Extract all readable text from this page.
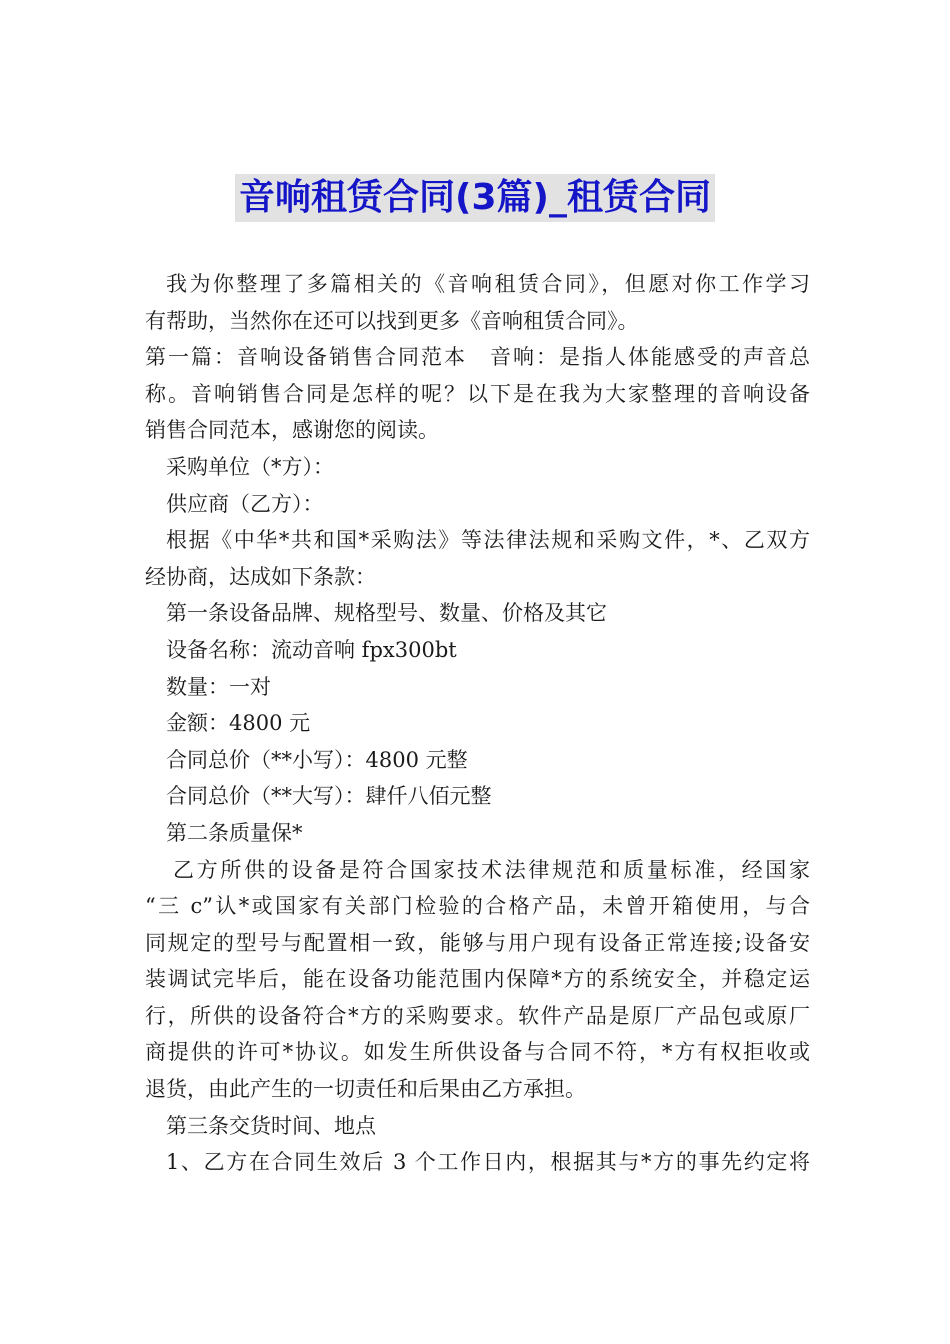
音响租赁合同(3篇)_租赁合同

我为你整理了多篇相关的《音响租赁合同》，但愿对你工作学习

有帮助，当然你在还可以找到更多《音响租赁合同》。

第一篇：音响设备销售合同范本　音响：是指人体能感受的声音总

称。音响销售合同是怎样的呢？以下是在我为大家整理的音响设备

销售合同范本，感谢您的阅读。

采购单位（*方）：

供应商（乙方）：

根据《中华*共和国*采购法》等法律法规和采购文件，*、乙双方

经协商，达成如下条款：

第一条设备品牌、规格型号、数量、价格及其它

设备名称：流动音响 fpx300bt

数量：一对

金额：4800 元

合同总价（**小写）：4800 元整

合同总价（**大写）：肆仟八佰元整

第二条质量保*

乙方所供的设备是符合国家技术法律规范和质量标准，经国家

“三 c”认*或国家有关部门检验的合格产品，未曾开箱使用，与合

同规定的型号与配置相一致，能够与用户现有设备正常连接;设备安

装调试完毕后，能在设备功能范围内保障*方的系统安全，并稳定运

行，所供的设备符合*方的采购要求。软件产品是原厂产品包或原厂

商提供的许可*协议。如发生所供设备与合同不符，*方有权拒收或

退货，由此产生的一切责任和后果由乙方承担。

第三条交货时间、地点

1、乙方在合同生效后 3 个工作日内，根据其与*方的事先约定将
